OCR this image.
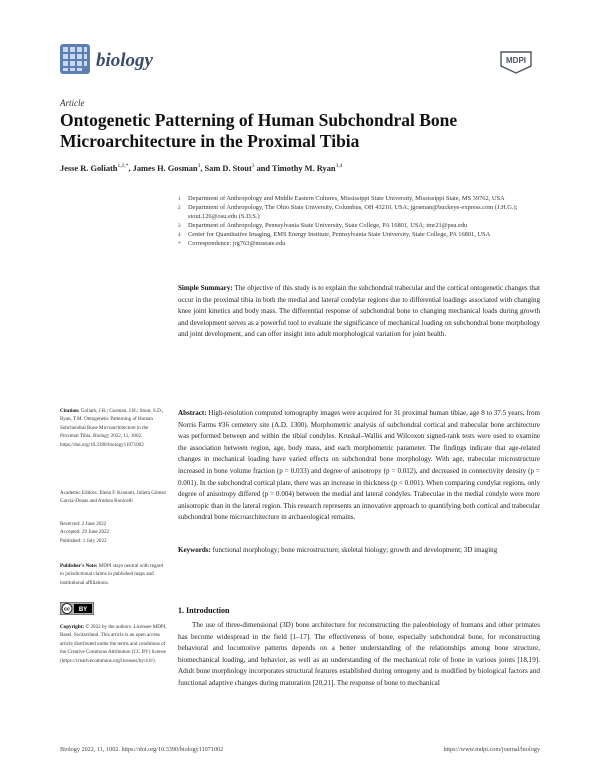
biology	MDPI
Article
Ontogenetic Patterning of Human Subchondral Bone Microarchitecture in the Proximal Tibia
Jesse R. Goliath$^{1,2,*}$, James H. Gosman$^3$, Sam D. Stout$^3$ and Timothy M. Ryan$^{3,4}$
1 Department of Anthropology and Middle Eastern Cultures, Mississippi State University, Mississippi State, MS 39762, USA
2 Department of Anthropology, The Ohio State University, Columbus, OH 43210, USA; jgosman@buckeye-express.com (J.H.G.); stout.126@osu.edu (S.D.S.)
3 Department of Anthropology, Pennsylvania State University, State College, PA 16801, USA; tmr21@psu.edu
4 Center for Quantitative Imaging, EMS Energy Institute, Pennsylvania State University, State College, PA 16801, USA
* Correspondence: jrg763@msstate.edu
Simple Summary: The objective of this study is to explain the subchondral trabecular and the cortical ontogenetic changes that occur in the proximal tibia in both the medial and lateral condylar regions due to differential loadings associated with changing knee joint kinetics and body mass. The differential response of subchondral bone to changing mechanical loads during growth and development serves as a powerful tool to evaluate the significance of mechanical loading on subchondral bone morphology and joint development, and can offer insight into adult morphological variation for joint health.
Abstract: High-resolution computed tomography images were acquired for 31 proximal human tibiae, age 8 to 37.5 years, from Norris Farms #36 cemetery site (A.D. 1300). Morphometric analysis of subchondral cortical and trabecular bone architecture was performed between and within the tibial condyles. Kruskal–Wallis and Wilcoxon signed-rank tests were used to examine the association between region, age, body mass, and each morphometric parameter. The findings indicate that age-related changes in mechanical loading have varied effects on subchondral bone morphology. With age, trabecular microstructure increased in bone volume fraction (p = 0.033) and degree of anisotropy (p = 0.012), and decreased in connectivity density (p = 0.001). In the subchondral cortical plate, there was an increase in thickness (p < 0.001). When comparing condylar regions, only degree of anisotropy differed (p = 0.004) between the medial and lateral condyles. Trabeculae in the medial condyle were more anisotropic than in the lateral region. This research represents an innovative approach to quantifying both cortical and trabecular subchondral bone microarchitecture in archaeological remains.
Keywords: functional morphology; bone microstructure; skeletal biology; growth and development; 3D imaging
1. Introduction
The use of three-dimensional (3D) bone architecture for reconstructing the paleobiology of humans and other primates has become widespread in the field [1–17]. The effectiveness of bone, especially subchondral bone, for reconstructing behavioral and locomotive patterns depends on a better understanding of the relationships among bone structure, biomechanical loading, and behavior, as well as an understanding of the mechanical role of bone in various joints [18,19]. Adult bone morphology incorporates structural features established during ontogeny and is modified by biological factors and functional adaptive changes during maturation [20,21]. The response of bone to mechanical
Citation: Goliath, J.R.; Gosman, J.H.; Stout, S.D.; Ryan, T.M. Ontogenetic Patterning of Human Subchondral Bone Microarchitecture in the Proximal Tibia. Biology 2022, 11, 1002. https://doi.org/10.3390/biology11071002
Academic Editors: Elena F. Kranioti, Julieta Gómez García-Donas and Andrea Bonicelli
Received: 2 June 2022
Accepted: 29 June 2022
Published: 1 July 2022
Publisher's Note: MDPI stays neutral with regard to jurisdictional claims in published maps and institutional affiliations.
cc BY
Copyright: © 2022 by the authors. Licensee MDPI, Basel, Switzerland. This article is an open access article distributed under the terms and conditions of the Creative Commons Attribution (CC BY) license (https://creativecommons.org/licenses/by/4.0/).
Biology 2022, 11, 1002. https://doi.org/10.3390/biology11071002	https://www.mdpi.com/journal/biology
